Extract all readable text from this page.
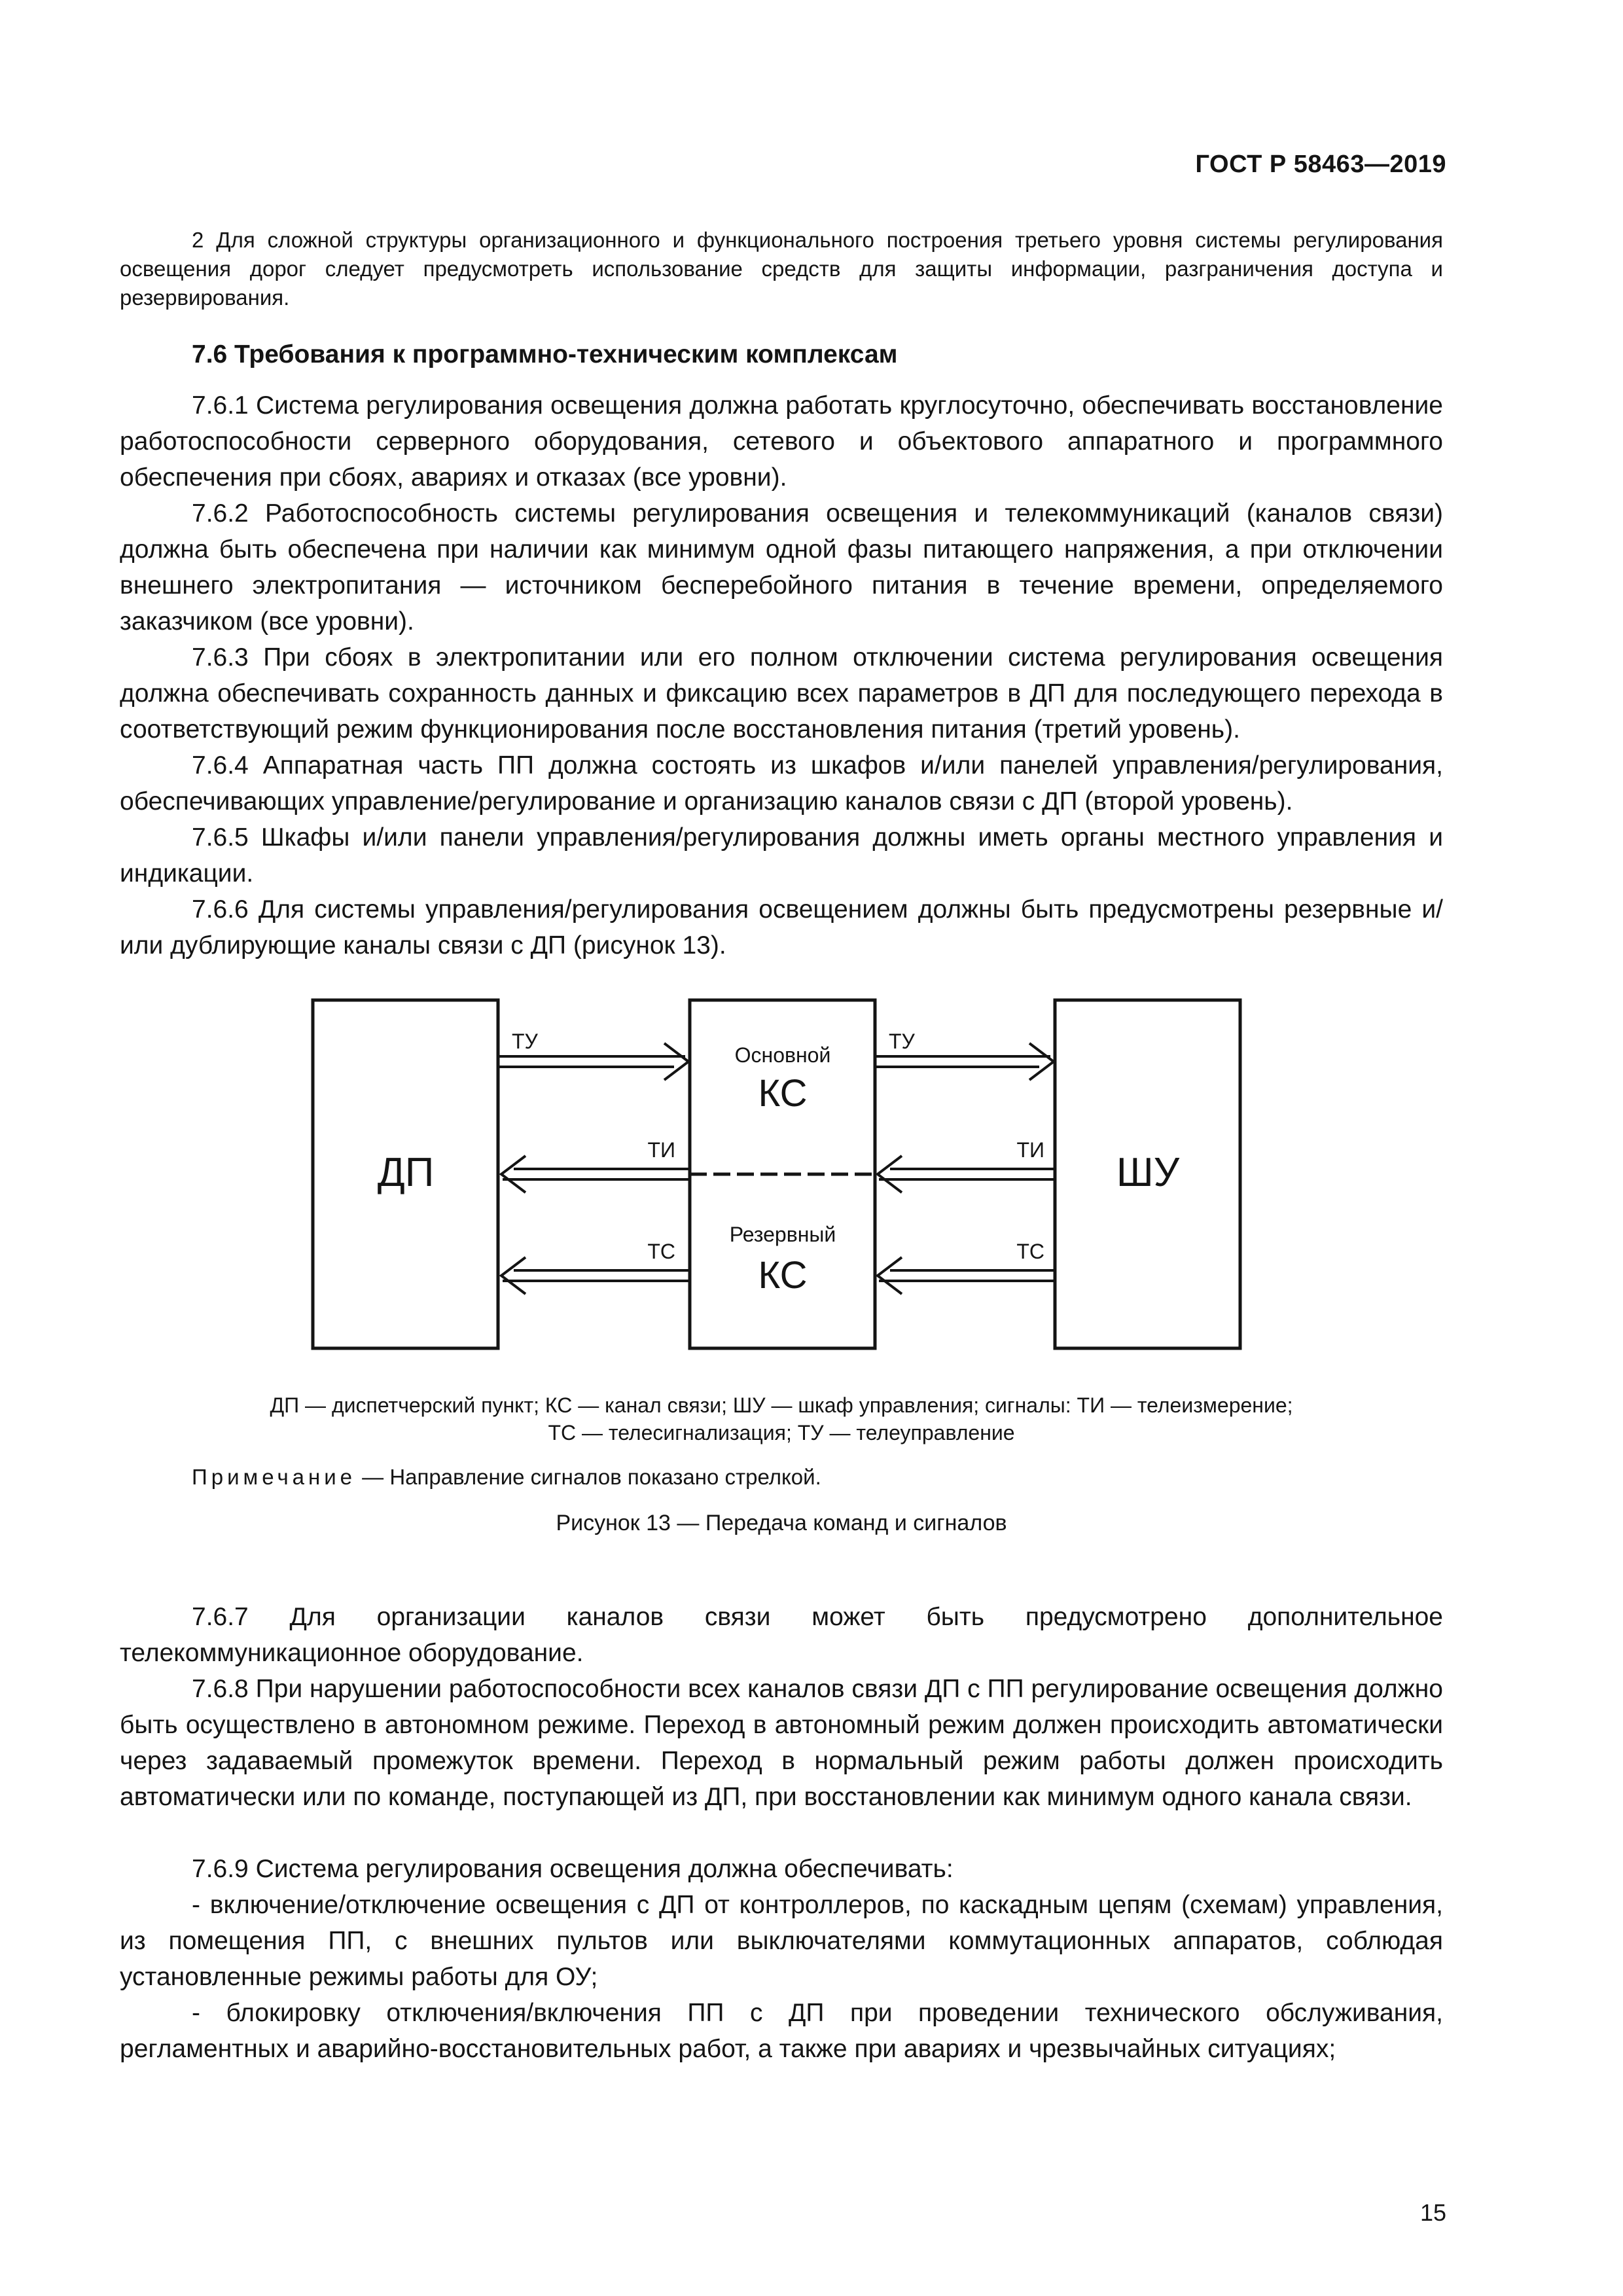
ГОСТ Р 58463—2019

2 Для сложной структуры организационного и функционального построения третьего уровня системы регулирования освещения дорог следует предусмотреть использование средств для защиты информации, разграничения доступа и резервирования.

7.6 Требования к программно-техническим комплексам

7.6.1 Система регулирования освещения должна работать круглосуточно, обеспечивать восстановление работоспособности серверного оборудования, сетевого и объектового аппаратного и программного обеспечения при сбоях, авариях и отказах (все уровни).

7.6.2 Работоспособность системы регулирования освещения и телекоммуникаций (каналов связи) должна быть обеспечена при наличии как минимум одной фазы питающего напряжения, а при отключении внешнего электропитания — источником бесперебойного питания в течение времени, определяемого заказчиком (все уровни).

7.6.3 При сбоях в электропитании или его полном отключении система регулирования освещения должна обеспечивать сохранность данных и фиксацию всех параметров в ДП для последующего перехода в соответствующий режим функционирования после восстановления питания (третий уровень).

7.6.4 Аппаратная часть ПП должна состоять из шкафов и/или панелей управления/регулирования, обеспечивающих управление/регулирование и организацию каналов связи с ДП (второй уровень).

7.6.5 Шкафы и/или панели управления/регулирования должны иметь органы местного управления и индикации.

7.6.6 Для системы управления/регулирования освещением должны быть предусмотрены резервные и/или дублирующие каналы связи с ДП (рисунок 13).

ДП	ШУ
Основной
КС
Резервный
КС
ТУ	ТУ
ТИ	ТИ
ТС	ТС
ДП — диспетчерский пункт; КС — канал связи; ШУ — шкаф управления; сигналы: ТИ — телеизмерение;
ТС — телесигнализация; ТУ — телеуправление
Примечание — Направление сигналов показано стрелкой.
Рисунок 13 — Передача команд и сигналов

7.6.7 Для организации каналов связи может быть предусмотрено дополнительное телекоммуникационное оборудование.

7.6.8 При нарушении работоспособности всех каналов связи ДП с ПП регулирование освещения должно быть осуществлено в автономном режиме. Переход в автономный режим должен происходить автоматически через задаваемый промежуток времени. Переход в нормальный режим работы должен происходить автоматически или по команде, поступающей из ДП, при восстановлении как минимум одного канала связи.

7.6.9 Система регулирования освещения должна обеспечивать:

- включение/отключение освещения с ДП от контроллеров, по каскадным цепям (схемам) управления, из помещения ПП, с внешних пультов или выключателями коммутационных аппаратов, соблюдая установленные режимы работы для ОУ;

- блокировку отключения/включения ПП с ДП при проведении технического обслуживания, регламентных и аварийно-восстановительных работ, а также при авариях и чрезвычайных ситуациях;

15
